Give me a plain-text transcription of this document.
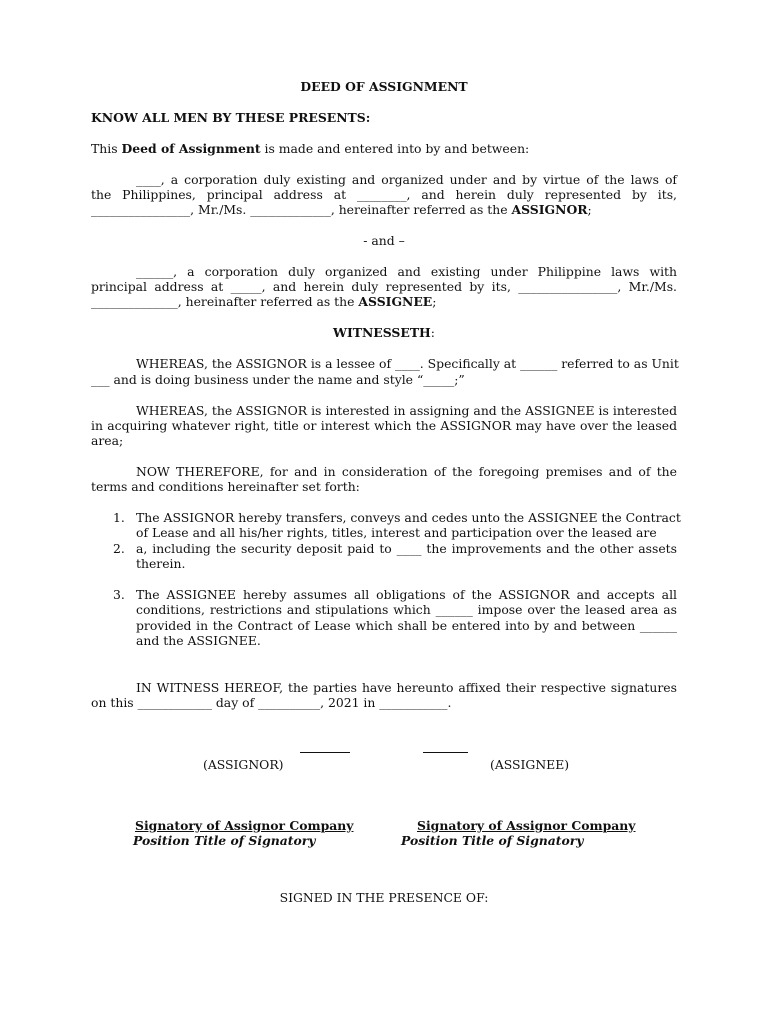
DEED OF ASSIGNMENT
KNOW ALL MEN BY THESE PRESENTS:
This Deed of Assignment is made and entered into by and between:
____, a corporation duly existing and organized under and by virtue of the laws of
the Philippines, principal address at ________, and herein duly represented by its,
________________, Mr./Ms. _____________, hereinafter referred as the ASSIGNOR;
- and –
______, a corporation duly organized and existing under Philippine laws with
principal address at _____, and herein duly represented by its, ________________, Mr./Ms.
______________, hereinafter referred as the ASSIGNEE;
WITNESSETH:
WHEREAS, the ASSIGNOR is a lessee of ____. Specifically at ______ referred to as Unit
___ and is doing business under the name and style “_____;”
WHEREAS, the ASSIGNOR is interested in assigning and the ASSIGNEE is interested
in acquiring whatever right, title or interest which the ASSIGNOR may have over the leased
area;
NOW THEREFORE, for and in consideration of the foregoing premises and of the
terms and conditions hereinafter set forth:
1. The ASSIGNOR hereby transfers, conveys and cedes unto the ASSIGNEE the Contract
of Lease and all his/her rights, titles, interest and participation over the leased are
2. a, including the security deposit paid to ____ the improvements and the other assets
therein.
3. The ASSIGNEE hereby assumes all obligations of the ASSIGNOR and accepts all
conditions, restrictions and stipulations which ______ impose over the leased area as
provided in the Contract of Lease which shall be entered into by and between ______
and the ASSIGNEE.
IN WITNESS HEREOF, the parties have hereunto affixed their respective signatures
on this ____________ day of __________, 2021 in ___________.
(ASSIGNOR)	(ASSIGNEE)
Signatory of Assignor Company
Position Title of Signatory
Signatory of Assignor Company
Position Title of Signatory
SIGNED IN THE PRESENCE OF:
